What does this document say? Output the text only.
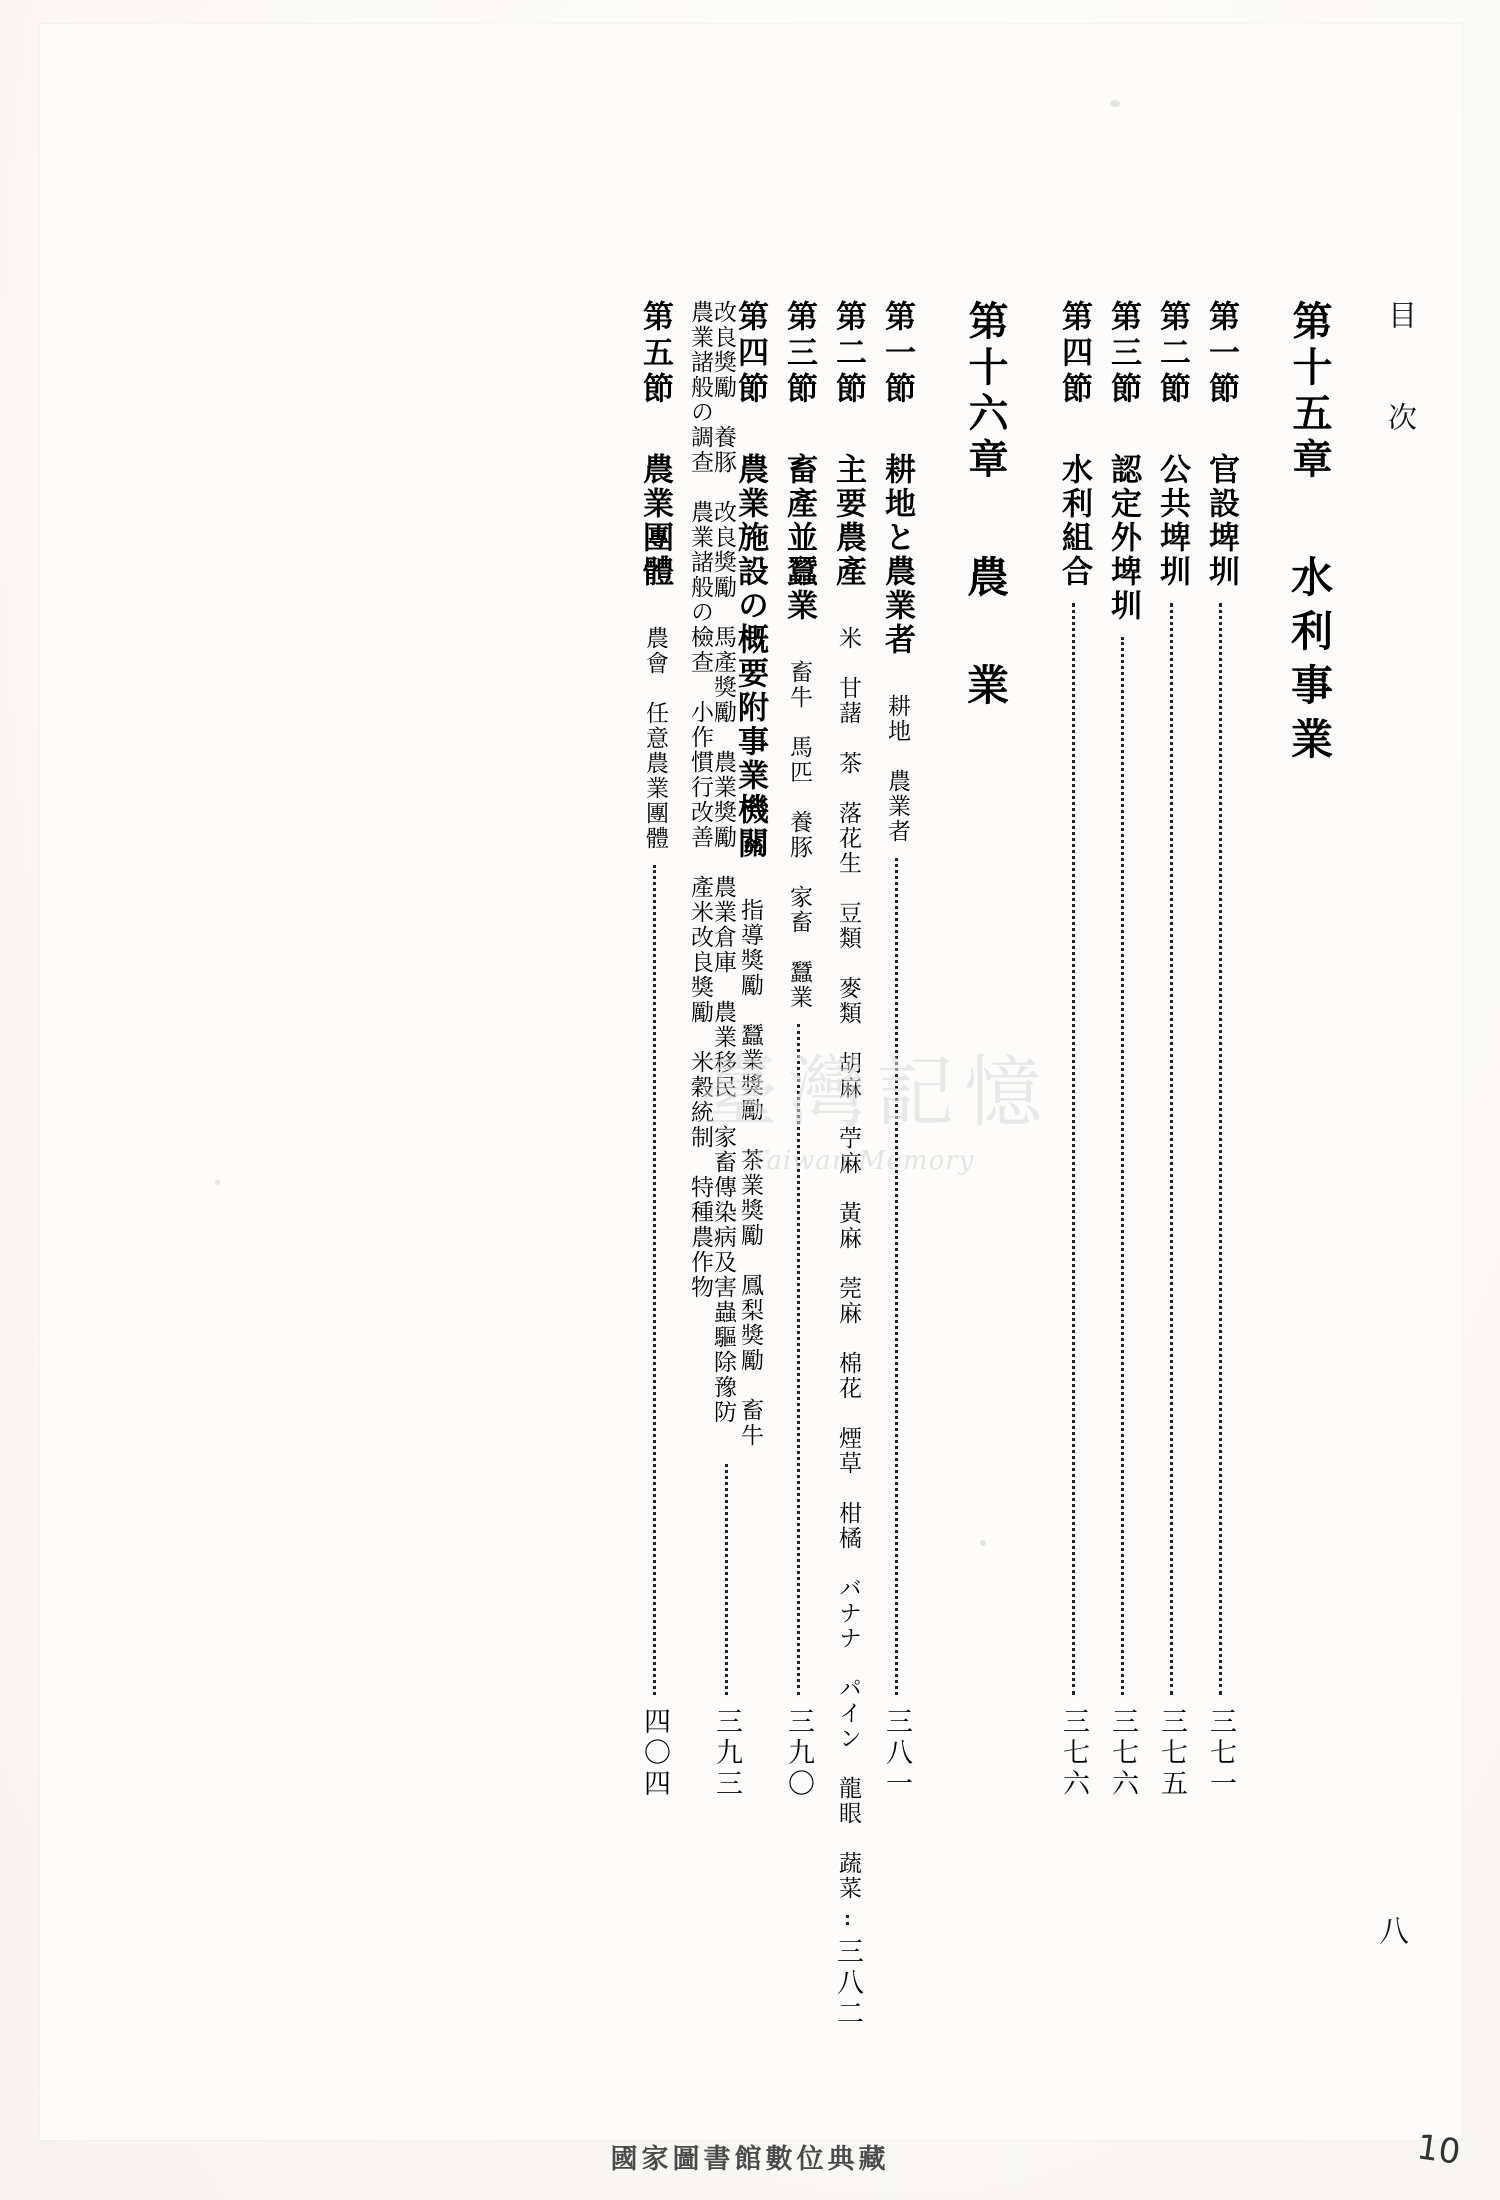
目　次
八
第十五章 水利事業
第一節 官設埤圳
三七一
第二節 公共埤圳
三七五
第三節 認定外埤圳
三七六
第四節 水利組合
三七六
第十六章 農　業
第一節 耕地と農業者 耕地　農業者
三八一
第二節 主要農產 米　甘藷　茶　落花生　豆類　麥類　胡麻　苧麻　黃麻　莞麻　棉花　煙草　柑橘　バナナ　パイン　龍眼　蔬菜
三八二
第三節 畜產並蠶業 畜牛　馬匹　養豚　家畜　蠶業
三九〇
第四節 農業施設の概要附事業機關 指導獎勵　蠶業獎勵　茶業獎勵　鳳梨獎勵　畜牛改良獎勵　養豚　改良獎勵　馬產獎勵　農業獎勵　農業倉庫　農業移民　家畜傳染病及害蟲驅除豫防　農業諸般の調查　農業諸般の檢查　小作慣行改善　產米改良獎勵　米穀統制　特種農作物
三九三
第五節 農業團體 農會　任意農業團體
四〇四
臺灣記憶
Taiwan Memory
國家圖書館數位典藏	10
